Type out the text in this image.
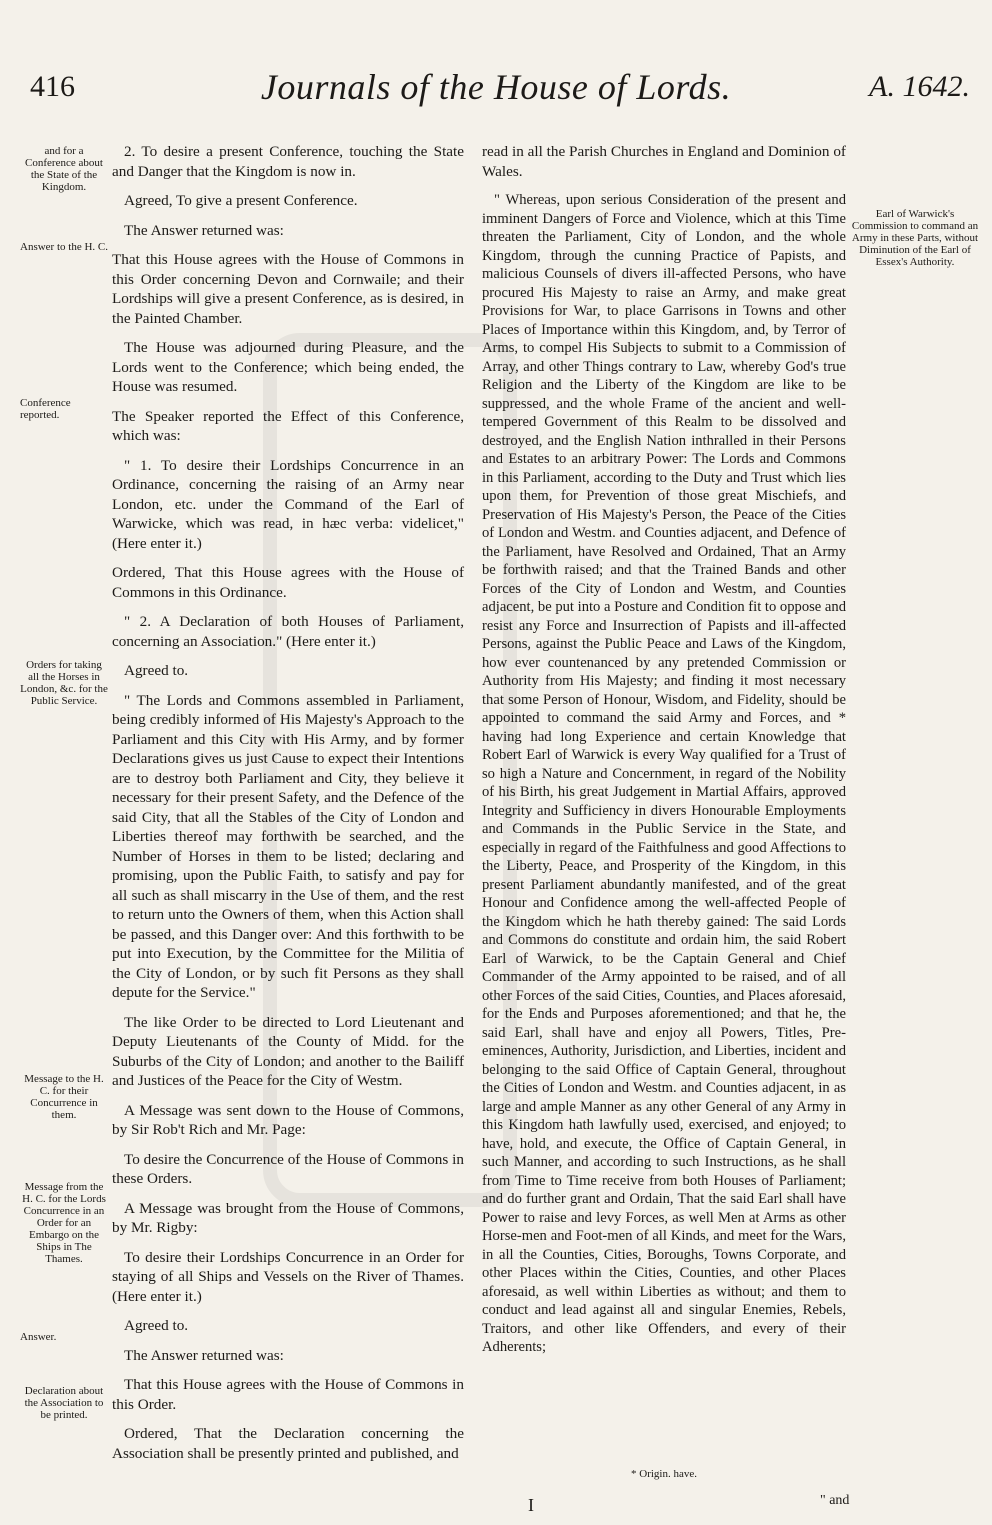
416	Journals of the House of Lords.	A. 1642.
and for a Conference about the State of the Kingdom.
Answer to the H. C.
Conference reported.
Orders for taking all the Horses in London, &c. for the Public Service.
Message to the H. C. for their Concurrence in them.
Message from the H. C. for the Lords Concurrence in an Order for an Embargo on the Ships in The Thames.
Answer.
Declaration about the Association to be printed.
Earl of Warwick's Commission to command an Army in these Parts, without Diminution of the Earl of Essex's Authority.

2. To desire a present Conference, touching the State and Danger that the Kingdom is now in.

Agreed, To give a present Conference.

The Answer returned was:

That this House agrees with the House of Commons in this Order concerning Devon and Cornwaile; and their Lordships will give a present Conference, as is desired, in the Painted Chamber.

The House was adjourned during Pleasure, and the Lords went to the Conference; which being ended, the House was resumed.

The Speaker reported the Effect of this Conference, which was:

" 1. To desire their Lordships Concurrence in an Ordinance, concerning the raising of an Army near London, etc. under the Command of the Earl of Warwicke, which was read, in hæc verba: videlicet," (Here enter it.)

Ordered, That this House agrees with the House of Commons in this Ordinance.

" 2. A Declaration of both Houses of Parliament, concerning an Association." (Here enter it.)

Agreed to.

" The Lords and Commons assembled in Parliament, being credibly informed of His Majesty's Approach to the Parliament and this City with His Army, and by former Declarations gives us just Cause to expect their Intentions are to destroy both Parliament and City, they believe it necessary for their present Safety, and the Defence of the said City, that all the Stables of the City of London and Liberties thereof may forthwith be searched, and the Number of Horses in them to be listed; declaring and promising, upon the Public Faith, to satisfy and pay for all such as shall miscarry in the Use of them, and the rest to return unto the Owners of them, when this Action shall be passed, and this Danger over: And this forthwith to be put into Execution, by the Committee for the Militia of the City of London, or by such fit Persons as they shall depute for the Service."

The like Order to be directed to Lord Lieutenant and Deputy Lieutenants of the County of Midd. for the Suburbs of the City of London; and another to the Bailiff and Justices of the Peace for the City of Westm.

A Message was sent down to the House of Commons, by Sir Rob't Rich and Mr. Page:

To desire the Concurrence of the House of Commons in these Orders.

A Message was brought from the House of Commons, by Mr. Rigby:

To desire their Lordships Concurrence in an Order for staying of all Ships and Vessels on the River of Thames. (Here enter it.)

Agreed to.

The Answer returned was:

That this House agrees with the House of Commons in this Order.

Ordered, That the Declaration concerning the Association shall be presently printed and published, and

read in all the Parish Churches in England and Dominion of Wales.

" Whereas, upon serious Consideration of the present and imminent Dangers of Force and Violence, which at this Time threaten the Parliament, City of London, and the whole Kingdom, through the cunning Practice of Papists, and malicious Counsels of divers ill-affected Persons, who have procured His Majesty to raise an Army, and make great Provisions for War, to place Garrisons in Towns and other Places of Importance within this Kingdom, and, by Terror of Arms, to compel His Subjects to submit to a Commission of Array, and other Things contrary to Law, whereby God's true Religion and the Liberty of the Kingdom are like to be suppressed, and the whole Frame of the ancient and well-tempered Government of this Realm to be dissolved and destroyed, and the English Nation inthralled in their Persons and Estates to an arbitrary Power: The Lords and Commons in this Parliament, according to the Duty and Trust which lies upon them, for Prevention of those great Mischiefs, and Preservation of His Majesty's Person, the Peace of the Cities of London and Westm. and Counties adjacent, and Defence of the Parliament, have Resolved and Ordained, That an Army be forthwith raised; and that the Trained Bands and other Forces of the City of London and Westm, and Counties adjacent, be put into a Posture and Condition fit to oppose and resist any Force and Insurrection of Papists and ill-affected Persons, against the Public Peace and Laws of the Kingdom, how ever countenanced by any pretended Commission or Authority from His Majesty; and finding it most necessary that some Person of Honour, Wisdom, and Fidelity, should be appointed to command the said Army and Forces, and * having had long Experience and certain Knowledge that Robert Earl of Warwick is every Way qualified for a Trust of so high a Nature and Concernment, in regard of the Nobility of his Birth, his great Judgement in Martial Affairs, approved Integrity and Sufficiency in divers Honourable Employments and Commands in the Public Service in the State, and especially in regard of the Faithfulness and good Affections to the Liberty, Peace, and Prosperity of the Kingdom, in this present Parliament abundantly manifested, and of the great Honour and Confidence among the well-affected People of the Kingdom which he hath thereby gained: The said Lords and Commons do constitute and ordain him, the said Robert Earl of Warwick, to be the Captain General and Chief Commander of the Army appointed to be raised, and of all other Forces of the said Cities, Counties, and Places aforesaid, for the Ends and Purposes aforementioned; and that he, the said Earl, shall have and enjoy all Powers, Titles, Pre-eminences, Authority, Jurisdiction, and Liberties, incident and belonging to the said Office of Captain General, throughout the Cities of London and Westm. and Counties adjacent, in as large and ample Manner as any other General of any Army in this Kingdom hath lawfully used, exercised, and enjoyed; to have, hold, and execute, the Office of Captain General, in such Manner, and according to such Instructions, as he shall from Time to Time receive from both Houses of Parliament; and do further grant and Ordain, That the said Earl shall have Power to raise and levy Forces, as well Men at Arms as other Horse-men and Foot-men of all Kinds, and meet for the Wars, in all the Counties, Cities, Boroughs, Towns Corporate, and other Places within the Cities, Counties, and other Places aforesaid, as well within Liberties as without; and them to conduct and lead against all and singular Enemies, Rebels, Traitors, and other like Offenders, and every of their Adherents;

* Origin. have.
I	" and
